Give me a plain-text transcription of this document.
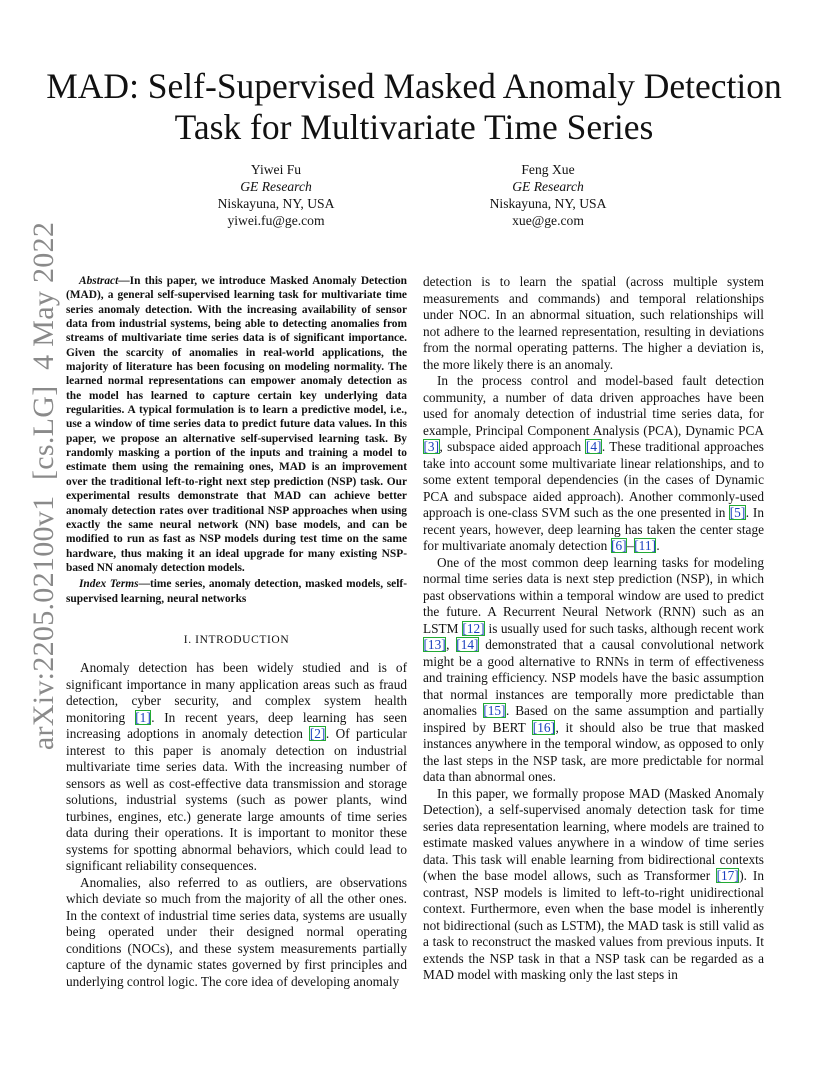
MAD: Self-Supervised Masked Anomaly Detection
Task for Multivariate Time Series
Yiwei Fu
GE Research
Niskayuna, NY, USA
yiwei.fu@ge.com
Feng Xue
GE Research
Niskayuna, NY, USA
xue@ge.com
arXiv:2205.02100v1  [cs.LG]  4 May 2022	Abstract—In this paper, we introduce Masked Anomaly Detection (MAD), a general self-supervised learning task for multivariate time series anomaly detection. With the increasing availability of sensor data from industrial systems, being able to detecting anomalies from streams of multivariate time series data is of significant importance. Given the scarcity of anomalies in real-world applications, the majority of literature has been focusing on modeling normality. The learned normal representations can empower anomaly detection as the model has learned to capture certain key underlying data regularities. A typical formulation is to learn a predictive model, i.e., use a window of time series data to predict future data values. In this paper, we propose an alternative self-supervised learning task. By randomly masking a portion of the inputs and training a model to estimate them using the remaining ones, MAD is an improvement over the traditional left-to-right next step prediction (NSP) task. Our experimental results demonstrate that MAD can achieve better anomaly detection rates over traditional NSP approaches when using exactly the same neural network (NN) base models, and can be modified to run as fast as NSP models during test time on the same hardware, thus making it an ideal upgrade for many existing NSP-based NN anomaly detection models.

Index Terms—time series, anomaly detection, masked models, self-supervised learning, neural networks

I. INTRODUCTION

Anomaly detection has been widely studied and is of significant importance in many application areas such as fraud detection, cyber security, and complex system health monitoring [1]. In recent years, deep learning has seen increasing adoptions in anomaly detection [2]. Of particular interest to this paper is anomaly detection on industrial multivariate time series data. With the increasing number of sensors as well as cost-effective data transmission and storage solutions, industrial systems (such as power plants, wind turbines, engines, etc.) generate large amounts of time series data during their operations. It is important to monitor these systems for spotting abnormal behaviors, which could lead to significant reliability consequences.

Anomalies, also referred to as outliers, are observations which deviate so much from the majority of all the other ones. In the context of industrial time series data, systems are usually being operated under their designed normal operating conditions (NOCs), and these system measurements partially capture of the dynamic states governed by first principles and underlying control logic. The core idea of developing anomaly

detection is to learn the spatial (across multiple system measurements and commands) and temporal relationships under NOC. In an abnormal situation, such relationships will not adhere to the learned representation, resulting in deviations from the normal operating patterns. The higher a deviation is, the more likely there is an anomaly.

In the process control and model-based fault detection community, a number of data driven approaches have been used for anomaly detection of industrial time series data, for example, Principal Component Analysis (PCA), Dynamic PCA [3], subspace aided approach [4]. These traditional approaches take into account some multivariate linear relationships, and to some extent temporal dependencies (in the cases of Dynamic PCA and subspace aided approach). Another commonly-used approach is one-class SVM such as the one presented in [5]. In recent years, however, deep learning has taken the center stage for multivariate anomaly detection [6]–[11].

One of the most common deep learning tasks for modeling normal time series data is next step prediction (NSP), in which past observations within a temporal window are used to predict the future. A Recurrent Neural Network (RNN) such as an LSTM [12] is usually used for such tasks, although recent work [13], [14] demonstrated that a causal convolutional network might be a good alternative to RNNs in term of effectiveness and training efficiency. NSP models have the basic assumption that normal instances are temporally more predictable than anomalies [15]. Based on the same assumption and partially inspired by BERT [16], it should also be true that masked instances anywhere in the temporal window, as opposed to only the last steps in the NSP task, are more predictable for normal data than abnormal ones.

In this paper, we formally propose MAD (Masked Anomaly Detection), a self-supervised anomaly detection task for time series data representation learning, where models are trained to estimate masked values anywhere in a window of time series data. This task will enable learning from bidirectional contexts (when the base model allows, such as Transformer [17]). In contrast, NSP models is limited to left-to-right unidirectional context. Furthermore, even when the base model is inherently not bidirectional (such as LSTM), the MAD task is still valid as a task to reconstruct the masked values from previous inputs. It extends the NSP task in that a NSP task can be regarded as a MAD model with masking only the last steps in
